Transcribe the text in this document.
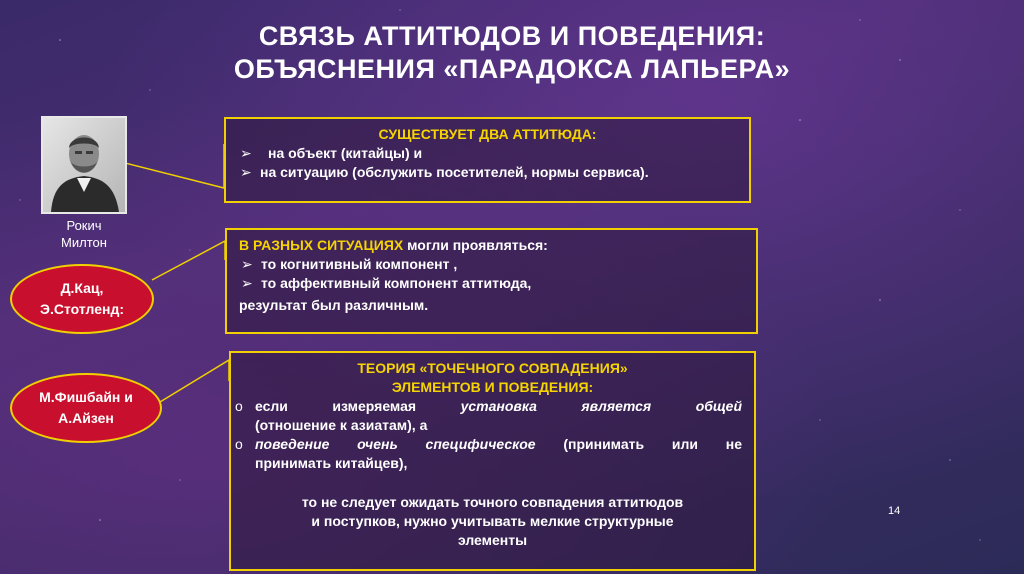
СВЯЗЬ АТТИТЮДОВ И ПОВЕДЕНИЯ:
ОБЪЯСНЕНИЯ «ПАРАДОКСА ЛАПЬЕРА»
Рокич
Милтон
СУЩЕСТВУЕТ ДВА АТТИТЮДА:
➢ на объект (китайцы) и
➢ на ситуацию (обслужить посетителей, нормы сервиса).
В РАЗНЫХ СИТУАЦИЯХ могли проявляться:
➢ то когнитивный компонент ,
➢ то аффективный компонент аттитюда,
результат был различным.
ТЕОРИЯ «ТОЧЕЧНОГО СОВПАДЕНИЯ»
ЭЛЕМЕНТОВ И ПОВЕДЕНИЯ:
o если измеряемая установка является общей
(отношение к азиатам), а
o поведение очень специфическое (принимать или не
принимать китайцев),
то не следует ожидать точного совпадения аттитюдов
и поступков, нужно учитывать мелкие структурные
элементы
Д.Кац,
Э.Стотленд:
М.Фишбайн и
А.Айзен
14
